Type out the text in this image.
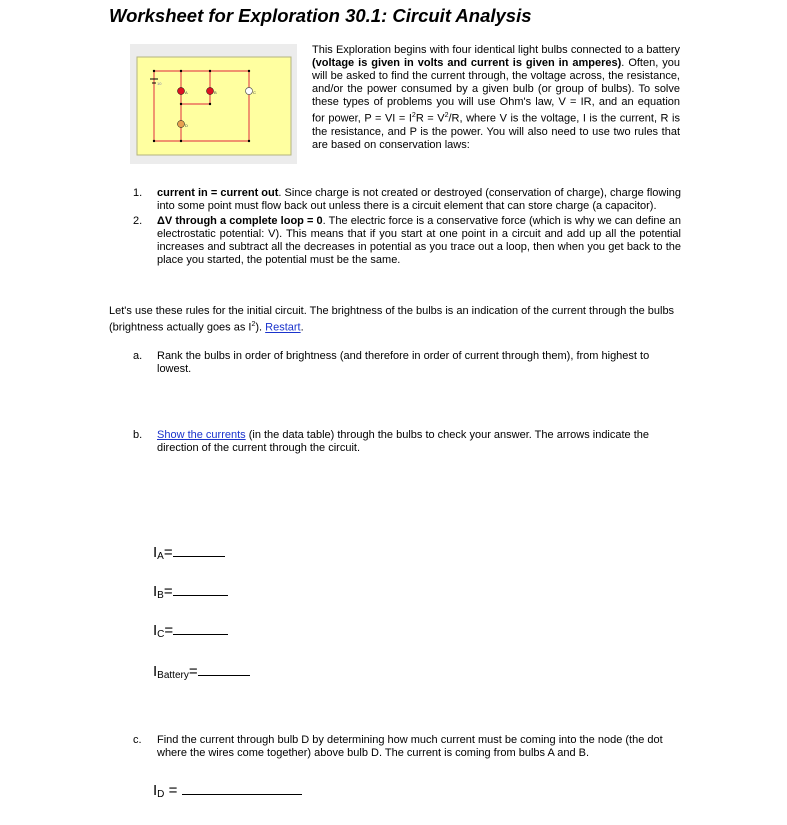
Worksheet for Exploration 30.1: Circuit Analysis
10
A	B	C
D
This Exploration begins with four identical light bulbs connected to a battery (voltage is given in volts and current is given in amperes). Often, you will be asked to find the current through, the voltage across, the resistance, and/or the power consumed by a given bulb (or group of bulbs). To solve these types of problems you will use Ohm's law, V = IR, and an equation for power, P = VI = $I^2R = V^2/R$, where V is the voltage, I is the current, R is the resistance, and P is the power. You will also need to use two rules that are based on conservation laws:
1. current in = current out. Since charge is not created or destroyed (conservation of charge), charge flowing into some point must flow back out unless there is a circuit element that can store charge (a capacitor).
2. ΔV through a complete loop = 0. The electric force is a conservative force (which is why we can define an electrostatic potential: V). This means that if you start at one point in a circuit and add up all the potential increases and subtract all the decreases in potential as you trace out a loop, then when you get back to the place you started, the potential must be the same.
Let's use these rules for the initial circuit. The brightness of the bulbs is an indication of the current through the bulbs (brightness actually goes as $I^2$). Restart.
a. Rank the bulbs in order of brightness (and therefore in order of current through them), from highest to lowest.
b. Show the currents (in the data table) through the bulbs to check your answer. The arrows indicate the direction of the current through the circuit.
$I_A=$
$I_B=$
$I_C=$
$I_{Battery}=$
c. Find the current through bulb D by determining how much current must be coming into the node (the dot where the wires come together) above bulb D. The current is coming from bulbs A and B.
$I_D$ =
